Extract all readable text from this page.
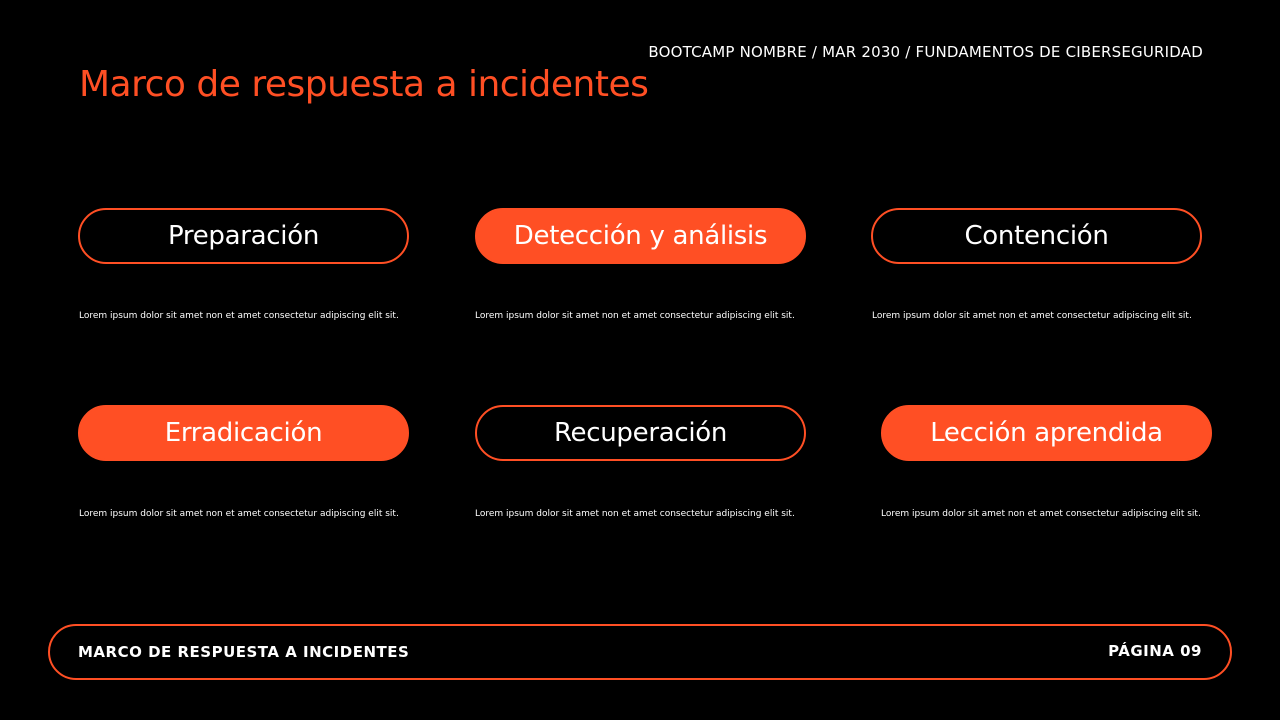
Marco de respuesta a incidentes
BOOTCAMP NOMBRE / MAR 2030 / FUNDAMENTOS DE CIBERSEGURIDAD
Preparación
Lorem ipsum dolor sit amet non et amet consectetur adipiscing elit sit.
Detección y análisis
Lorem ipsum dolor sit amet non et amet consectetur adipiscing elit sit.
Contención
Lorem ipsum dolor sit amet non et amet consectetur adipiscing elit sit.
Erradicación
Lorem ipsum dolor sit amet non et amet consectetur adipiscing elit sit.
Recuperación
Lorem ipsum dolor sit amet non et amet consectetur adipiscing elit sit.
Lección aprendida
Lorem ipsum dolor sit amet non et amet consectetur adipiscing elit sit.
MARCO DE RESPUESTA A INCIDENTES	PÁGINA 09
